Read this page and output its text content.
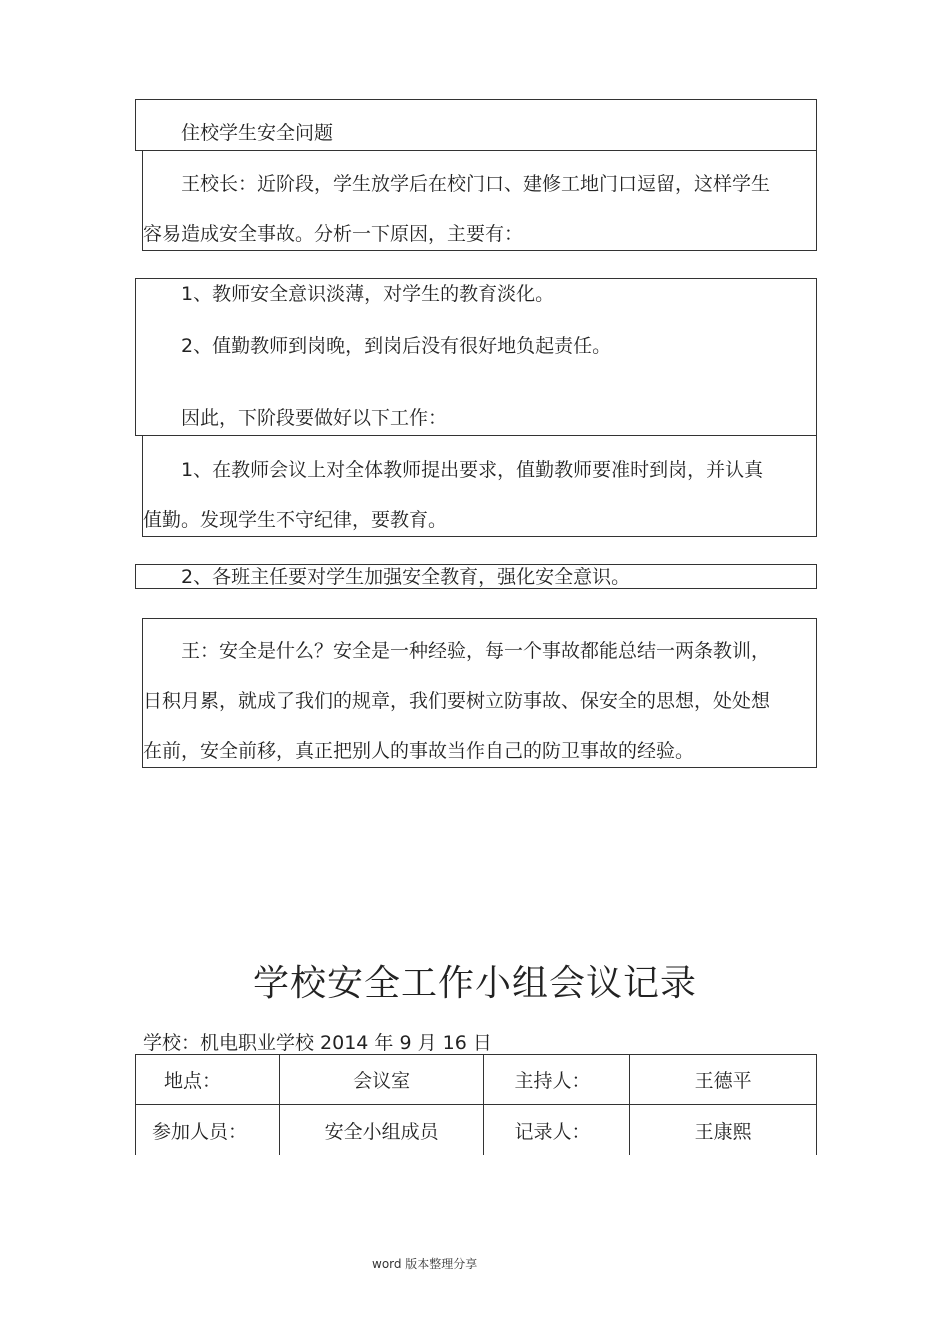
住校学生安全问题
王校长：近阶段，学生放学后在校门口、建修工地门口逗留，这样学生
容易造成安全事故。分析一下原因，主要有：
1、教师安全意识淡薄，对学生的教育淡化。
2、值勤教师到岗晚，到岗后没有很好地负起责任。
因此，下阶段要做好以下工作：
1、在教师会议上对全体教师提出要求，值勤教师要准时到岗，并认真
值勤。发现学生不守纪律，要教育。
2、各班主任要对学生加强安全教育，强化安全意识。
王：安全是什么？安全是一种经验，每一个事故都能总结一两条教训，
日积月累，就成了我们的规章，我们要树立防事故、保安全的思想，处处想
在前，安全前移，真正把别人的事故当作自己的防卫事故的经验。
学校安全工作小组会议记录
学校：机电职业学校 2014 年 9 月 16 日
地点：	会议室	主持人：	王德平
参加人员：	安全小组成员	记录人：	王康熙
word 版本整理分享
